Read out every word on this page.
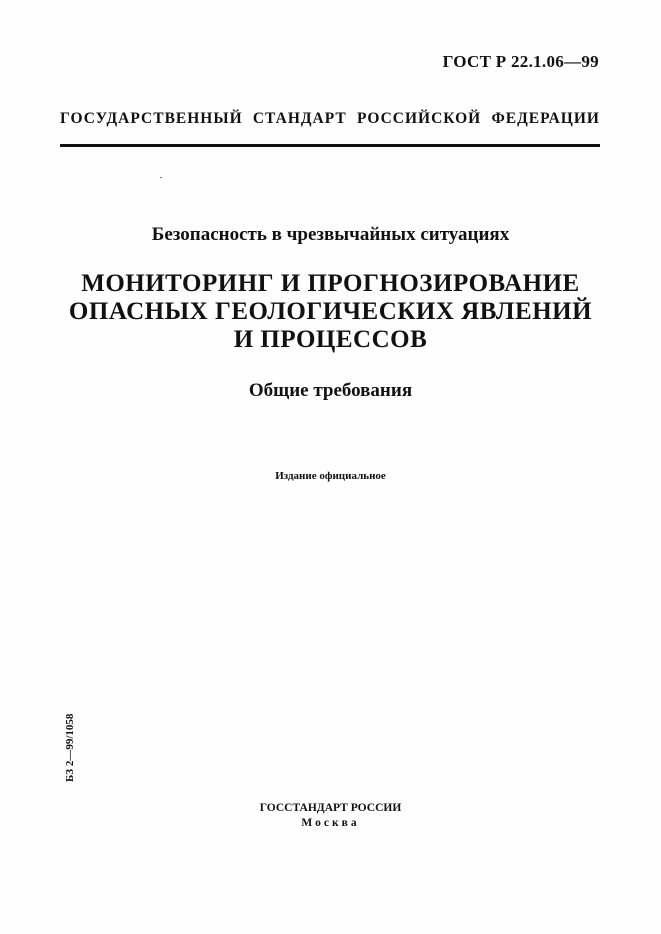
ГОСТ Р 22.1.06—99
ГОСУДАРСТВЕННЫЙ СТАНДАРТ РОССИЙСКОЙ ФЕДЕРАЦИИ
Безопасность в чрезвычайных ситуациях
МОНИТОРИНГ И ПРОГНОЗИРОВАНИЕ
ОПАСНЫХ ГЕОЛОГИЧЕСКИХ ЯВЛЕНИЙ
И ПРОЦЕССОВ
Общие требования
Издание официальное
БЗ 2—99/1058
ГОССТАНДАРТ РОССИИ
Москва
